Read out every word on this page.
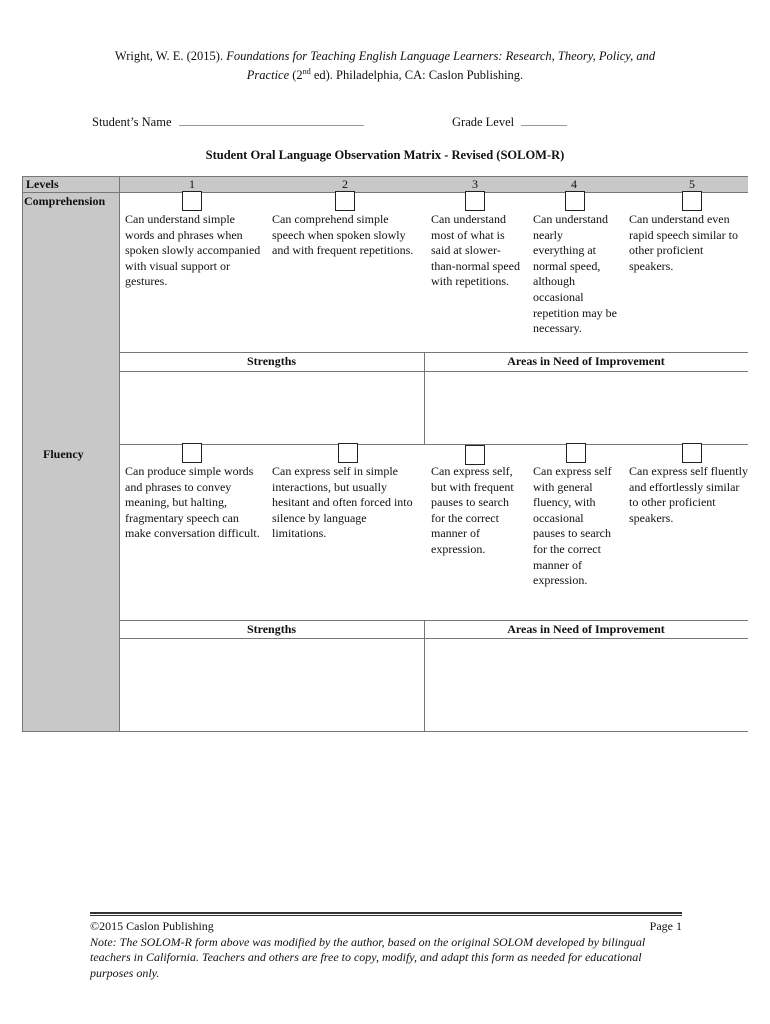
Wright, W. E. (2015). Foundations for Teaching English Language Learners: Research, Theory, Policy, and
Practice (2nd ed). Philadelphia, CA: Caslon Publishing.
Student’s Name	Grade Level
Student Oral Language Observation Matrix - Revised (SOLOM-R)
Levels	1	2	3	4	5
Comprehension
Can understand simple words and phrases when spoken slowly accompanied with visual support or gestures.
Can comprehend simple speech when spoken slowly and with frequent repetitions.
Can understand most of what is said at slower-than-normal speed with repetitions.
Can understand nearly everything at normal speed, although occasional repetition may be necessary.
Can understand even rapid speech similar to other proficient speakers.
Strengths	Areas in Need of Improvement
Fluency
Can produce simple words and phrases to convey meaning, but halting, fragmentary speech can make conversation difficult.
Can express self in simple interactions, but usually hesitant and often forced into silence by language limitations.
Can express self, but with frequent pauses to search for the correct manner of expression.
Can express self with general fluency, with occasional pauses to search for the correct manner of expression.
Can express self fluently and effortlessly similar to other proficient speakers.
Strengths	Areas in Need of Improvement
©2015 Caslon Publishing	Page 1
Note: The SOLOM-R form above was modified by the author, based on the original SOLOM developed by bilingual teachers in California. Teachers and others are free to copy, modify, and adapt this form as needed for educational purposes only.
